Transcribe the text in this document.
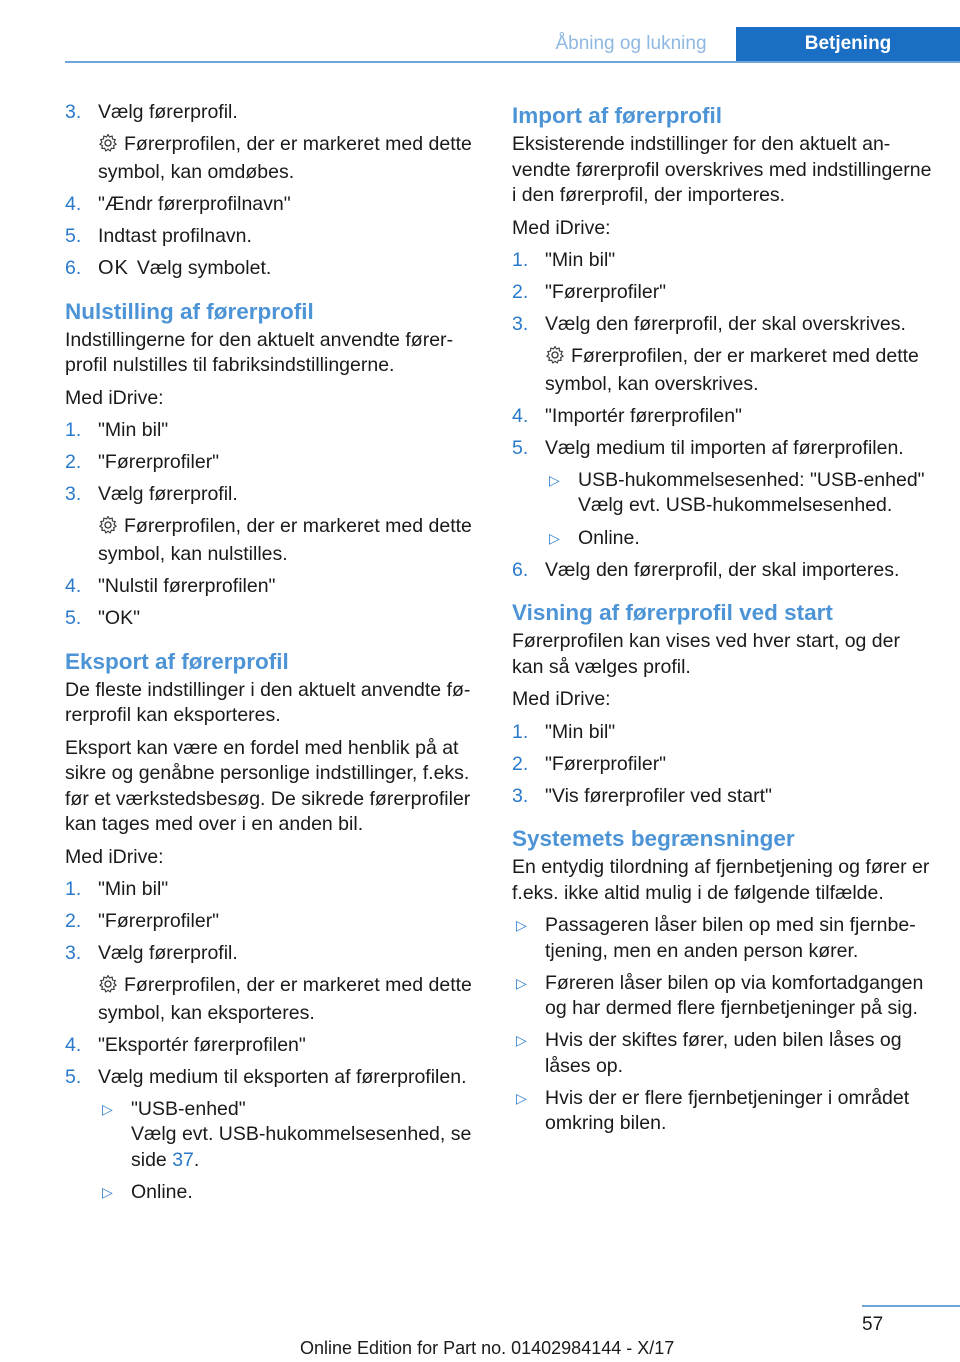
Åbning og lukning	Betjening
3. Vælg førerprofil.
Førerprofilen, der er markeret med dette symbol, kan omdøbes.
4. "Ændr førerprofilnavn"
5. Indtast profilnavn.
6. OK Vælg symbolet.
Nulstilling af førerprofil

Indstillingerne for den aktuelt anvendte førerprofil nulstilles til fabriksindstillingerne.

Med iDrive:

1. "Min bil"
2. "Førerprofiler"
3. Vælg førerprofil.
Førerprofilen, der er markeret med dette symbol, kan nulstilles.
4. "Nulstil førerprofilen"
5. "OK"
Eksport af førerprofil

De fleste indstillinger i den aktuelt anvendte førerprofil kan eksporteres.

Eksport kan være en fordel med henblik på at sikre og genåbne personlige indstillinger, f.eks. før et værkstedsbesøg. De sikrede førerprofiler kan tages med over i en anden bil.

Med iDrive:

1. "Min bil"
2. "Førerprofiler"
3. Vælg førerprofil.
Førerprofilen, der er markeret med dette symbol, kan eksporteres.
4. "Eksportér førerprofilen"
5. Vælg medium til eksporten af førerprofilen.
▷ "USB-enhed"

Vælg evt. USB-hukommelsesenhed, se side 37.

▷ Online.
Import af førerprofil

Eksisterende indstillinger for den aktuelt anvendte førerprofil overskrives med indstillingerne i den førerprofil, der importeres.

Med iDrive:

1. "Min bil"
2. "Førerprofiler"
3. Vælg den førerprofil, der skal overskrives.
Førerprofilen, der er markeret med dette symbol, kan overskrives.
4. "Importér førerprofilen"
5. Vælg medium til importen af førerprofilen.
▷ USB-hukommelsesenhed: "USB-enhed"

Vælg evt. USB-hukommelsesenhed.

▷ Online.
6. Vælg den førerprofil, der skal importeres.
Visning af førerprofil ved start

Førerprofilen kan vises ved hver start, og der kan så vælges profil.

Med iDrive:

1. "Min bil"
2. "Førerprofiler"
3. "Vis førerprofiler ved start"
Systemets begrænsninger

En entydig tilordning af fjernbetjening og fører er f.eks. ikke altid mulig i de følgende tilfælde.

▷ Passageren låser bilen op med sin fjernbetjening, men en anden person kører.
▷ Føreren låser bilen op via komfortadgangen og har dermed flere fjernbetjeninger på sig.
▷ Hvis der skiftes fører, uden bilen låses og låses op.
▷ Hvis der er flere fjernbetjeninger i området omkring bilen.
57
Online Edition for Part no. 01402984144 - X/17
